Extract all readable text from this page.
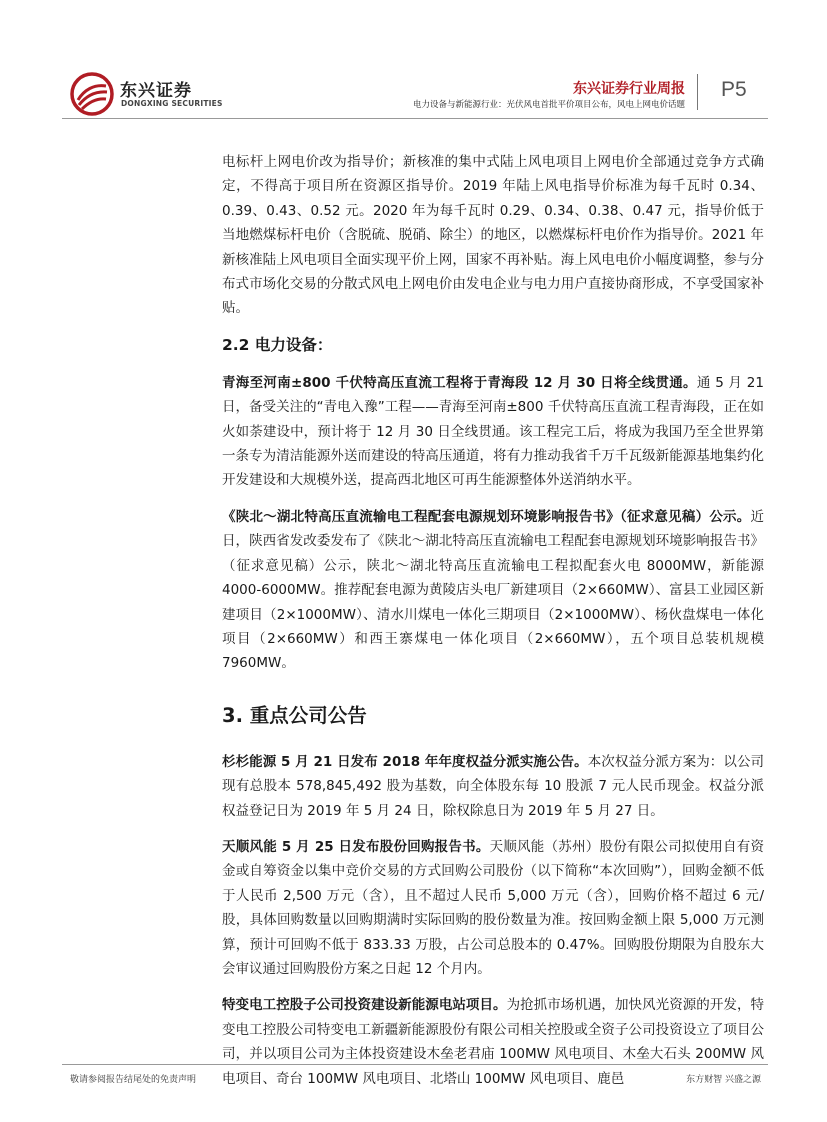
东兴证券
DONGXING SECURITIES
东兴证券行业周报
电力设备与新能源行业：光伏风电首批平价项目公布，风电上网电价话题
P5

电标杆上网电价改为指导价；新核准的集中式陆上风电项目上网电价全部通过竞争方式确定，不得高于项目所在资源区指导价。2019 年陆上风电指导价标准为每千瓦时 0.34、0.39、0.43、0.52 元。2020 年为每千瓦时 0.29、0.34、0.38、0.47 元，指导价低于当地燃煤标杆电价（含脱硫、脱硝、除尘）的地区，以燃煤标杆电价作为指导价。2021 年新核准陆上风电项目全面实现平价上网，国家不再补贴。海上风电电价小幅度调整，参与分布式市场化交易的分散式风电上网电价由发电企业与电力用户直接协商形成，不享受国家补贴。

2.2 电力设备：

青海至河南±800 千伏特高压直流工程将于青海段 12 月 30 日将全线贯通。通 5 月 21 日，备受关注的“青电入豫”工程——青海至河南±800 千伏特高压直流工程青海段，正在如火如荼建设中，预计将于 12 月 30 日全线贯通。该工程完工后，将成为我国乃至全世界第一条专为清洁能源外送而建设的特高压通道，将有力推动我省千万千瓦级新能源基地集约化开发建设和大规模外送，提高西北地区可再生能源整体外送消纳水平。

《陕北～湖北特高压直流输电工程配套电源规划环境影响报告书》（征求意见稿）公示。近日，陕西省发改委发布了《陕北～湖北特高压直流输电工程配套电源规划环境影响报告书》（征求意见稿）公示，陕北～湖北特高压直流输电工程拟配套火电 8000MW，新能源 4000-6000MW。推荐配套电源为黄陵店头电厂新建项目（2×660MW）、富县工业园区新建项目（2×1000MW）、清水川煤电一体化三期项目（2×1000MW）、杨伙盘煤电一体化项目（2×660MW）和西王寨煤电一体化项目（2×660MW），五个项目总装机规模 7960MW。

3. 重点公司公告

杉杉能源 5 月 21 日发布 2018 年年度权益分派实施公告。本次权益分派方案为：以公司现有总股本 578,845,492 股为基数，向全体股东每 10 股派 7 元人民币现金。权益分派权益登记日为 2019 年 5 月 24 日，除权除息日为 2019 年 5 月 27 日。

天顺风能 5 月 25 日发布股份回购报告书。天顺风能（苏州）股份有限公司拟使用自有资金或自筹资金以集中竞价交易的方式回购公司股份（以下简称“本次回购”），回购金额不低于人民币 2,500 万元（含），且不超过人民币 5,000 万元（含），回购价格不超过 6 元/股，具体回购数量以回购期满时实际回购的股份数量为准。按回购金额上限 5,000 万元测算，预计可回购不低于 833.33 万股，占公司总股本的 0.47%。回购股份期限为自股东大会审议通过回购股份方案之日起 12 个月内。

特变电工控股子公司投资建设新能源电站项目。为抢抓市场机遇，加快风光资源的开发，特变电工控股公司特变电工新疆新能源股份有限公司相关控股或全资子公司投资设立了项目公司，并以项目公司为主体投资建设木垒老君庙 100MW 风电项目、木垒大石头 200MW 风电项目、奇台 100MW 风电项目、北塔山 100MW 风电项目、鹿邑

敬请参阅报告结尾处的免责声明	东方财智 兴盛之源
